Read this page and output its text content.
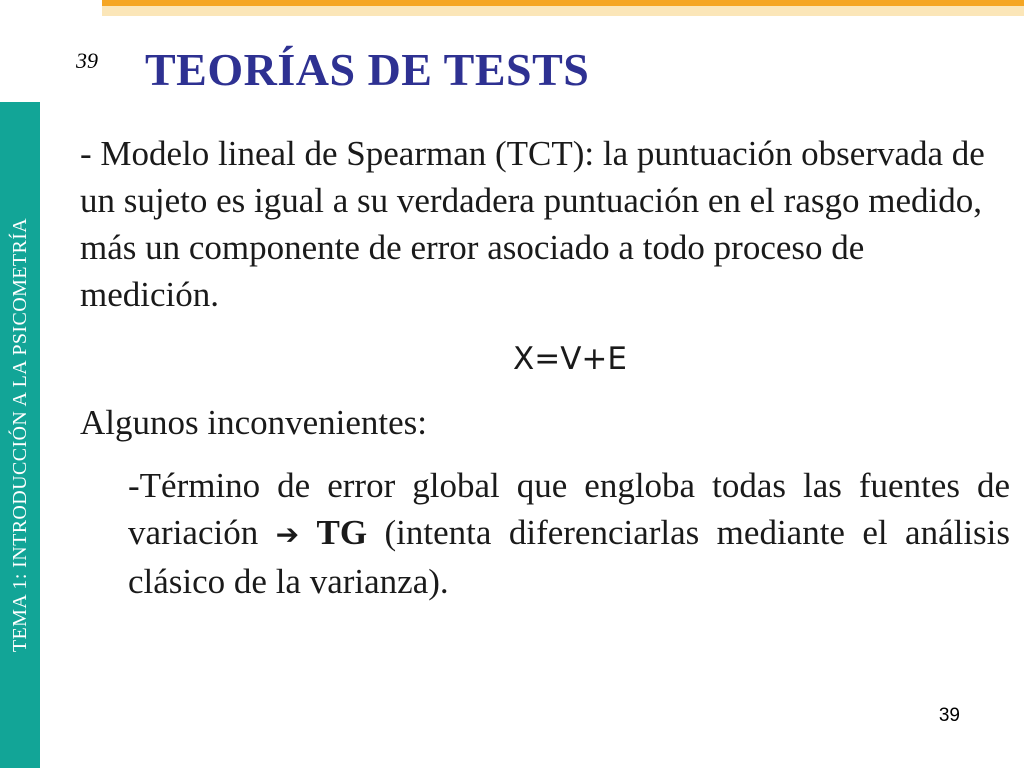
TEMA 1: INTRODUCCIÓN A LA PSICOMETRÍA
39 TEORÍAS DE TESTS

- Modelo lineal de Spearman (TCT): la puntuación observada de un sujeto es igual a su verdadera puntuación en el rasgo medido, más un componente de error asociado a todo proceso de medición.

X=V+E

Algunos inconvenientes:

-Término de error global que engloba todas las fuentes de variación ➔ TG (intenta diferenciarlas mediante el análisis clásico de la varianza).

39
